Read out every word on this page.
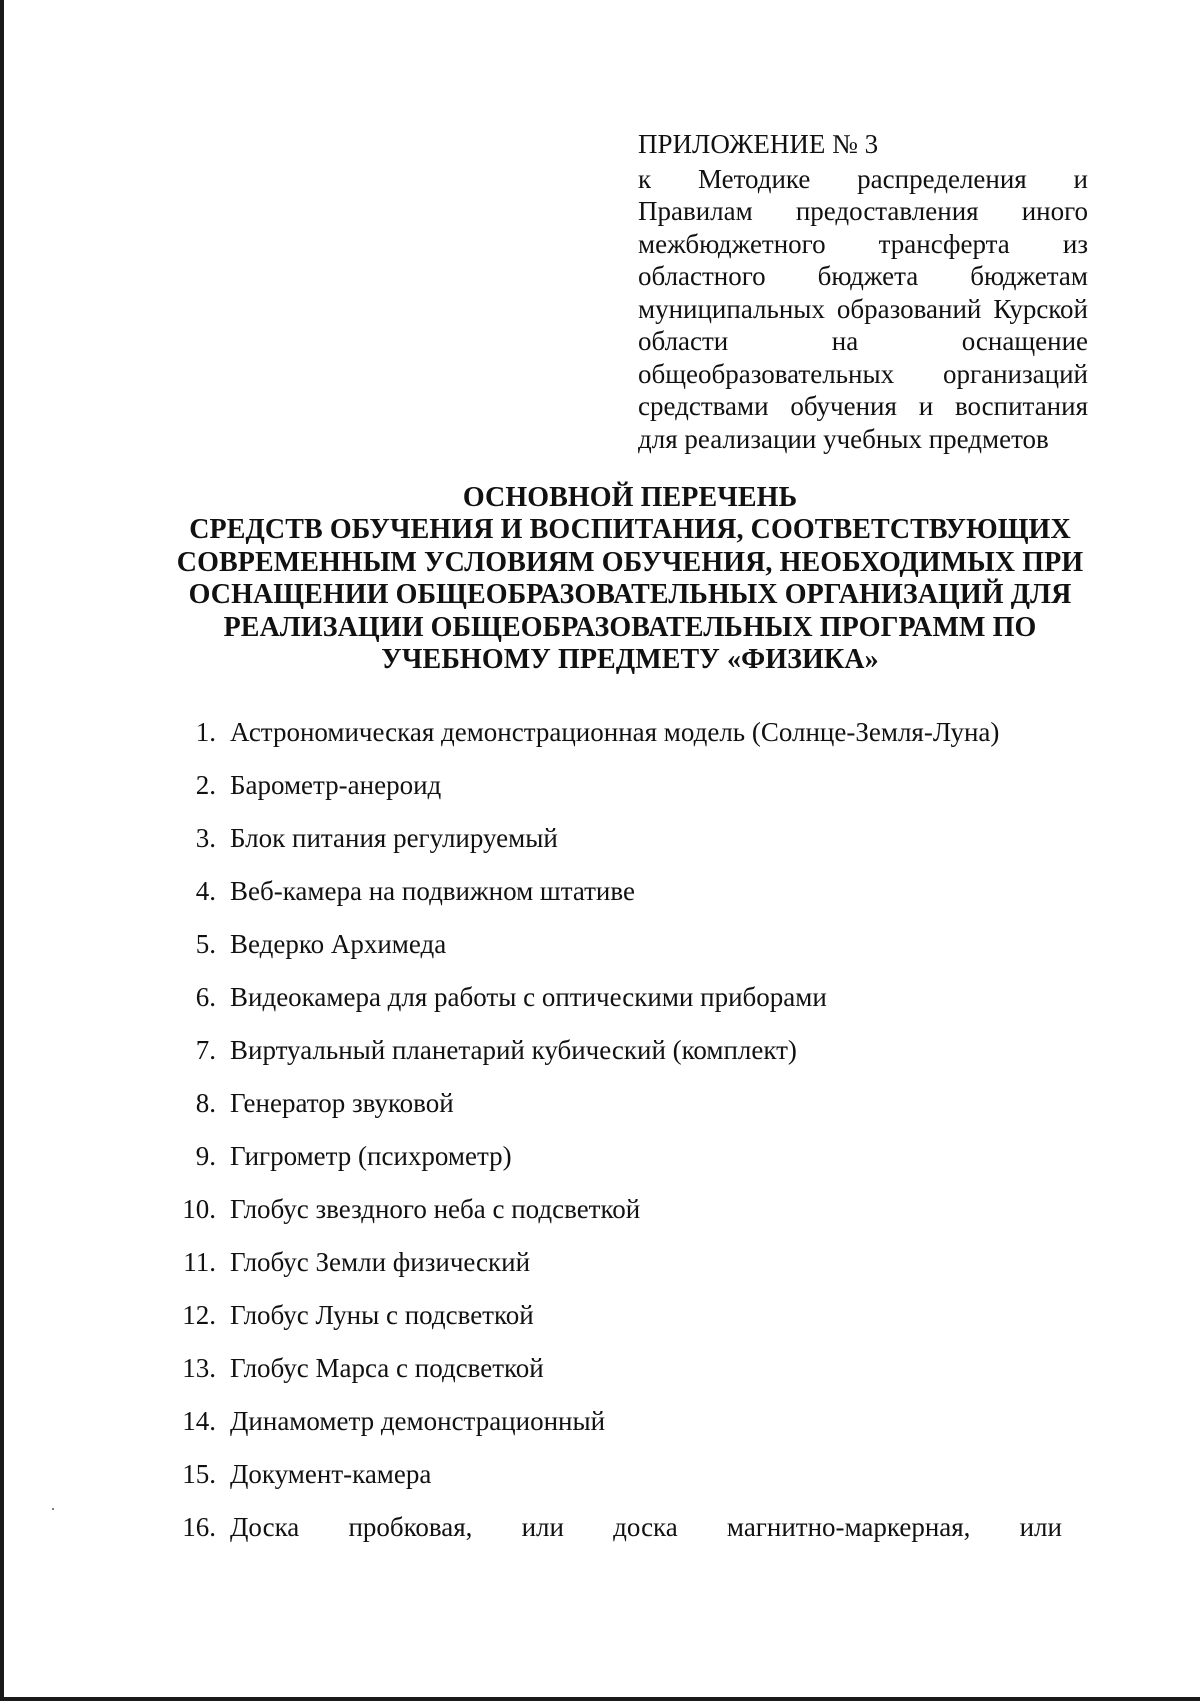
ПРИЛОЖЕНИЕ № 3
к Методике распределения и Правилам предоставления иного межбюджетного трансферта из областного бюджета бюджетам муниципальных образований Курской области на оснащение общеобразовательных организаций средствами обучения и воспитания для реализации учебных предметов
ОСНОВНОЙ ПЕРЕЧЕНЬ
СРЕДСТВ ОБУЧЕНИЯ И ВОСПИТАНИЯ, СООТВЕТСТВУЮЩИХ
СОВРЕМЕННЫМ УСЛОВИЯМ ОБУЧЕНИЯ, НЕОБХОДИМЫХ ПРИ
ОСНАЩЕНИИ ОБЩЕОБРАЗОВАТЕЛЬНЫХ ОРГАНИЗАЦИЙ ДЛЯ
РЕАЛИЗАЦИИ ОБЩЕОБРАЗОВАТЕЛЬНЫХ ПРОГРАММ ПО
УЧЕБНОМУ ПРЕДМЕТУ «ФИЗИКА»
1. Астрономическая демонстрационная модель (Солнце-Земля-Луна)
2. Барометр-анероид
3. Блок питания регулируемый
4. Веб-камера на подвижном штативе
5. Ведерко Архимеда
6. Видеокамера для работы с оптическими приборами
7. Виртуальный планетарий кубический (комплект)
8. Генератор звуковой
9. Гигрометр (психрометр)
10. Глобус звездного неба с подсветкой
11. Глобус Земли физический
12. Глобус Луны с подсветкой
13. Глобус Марса с подсветкой
14. Динамометр демонстрационный
15. Документ-камера
16. Доска пробковая, или доска магнитно-маркерная, или
